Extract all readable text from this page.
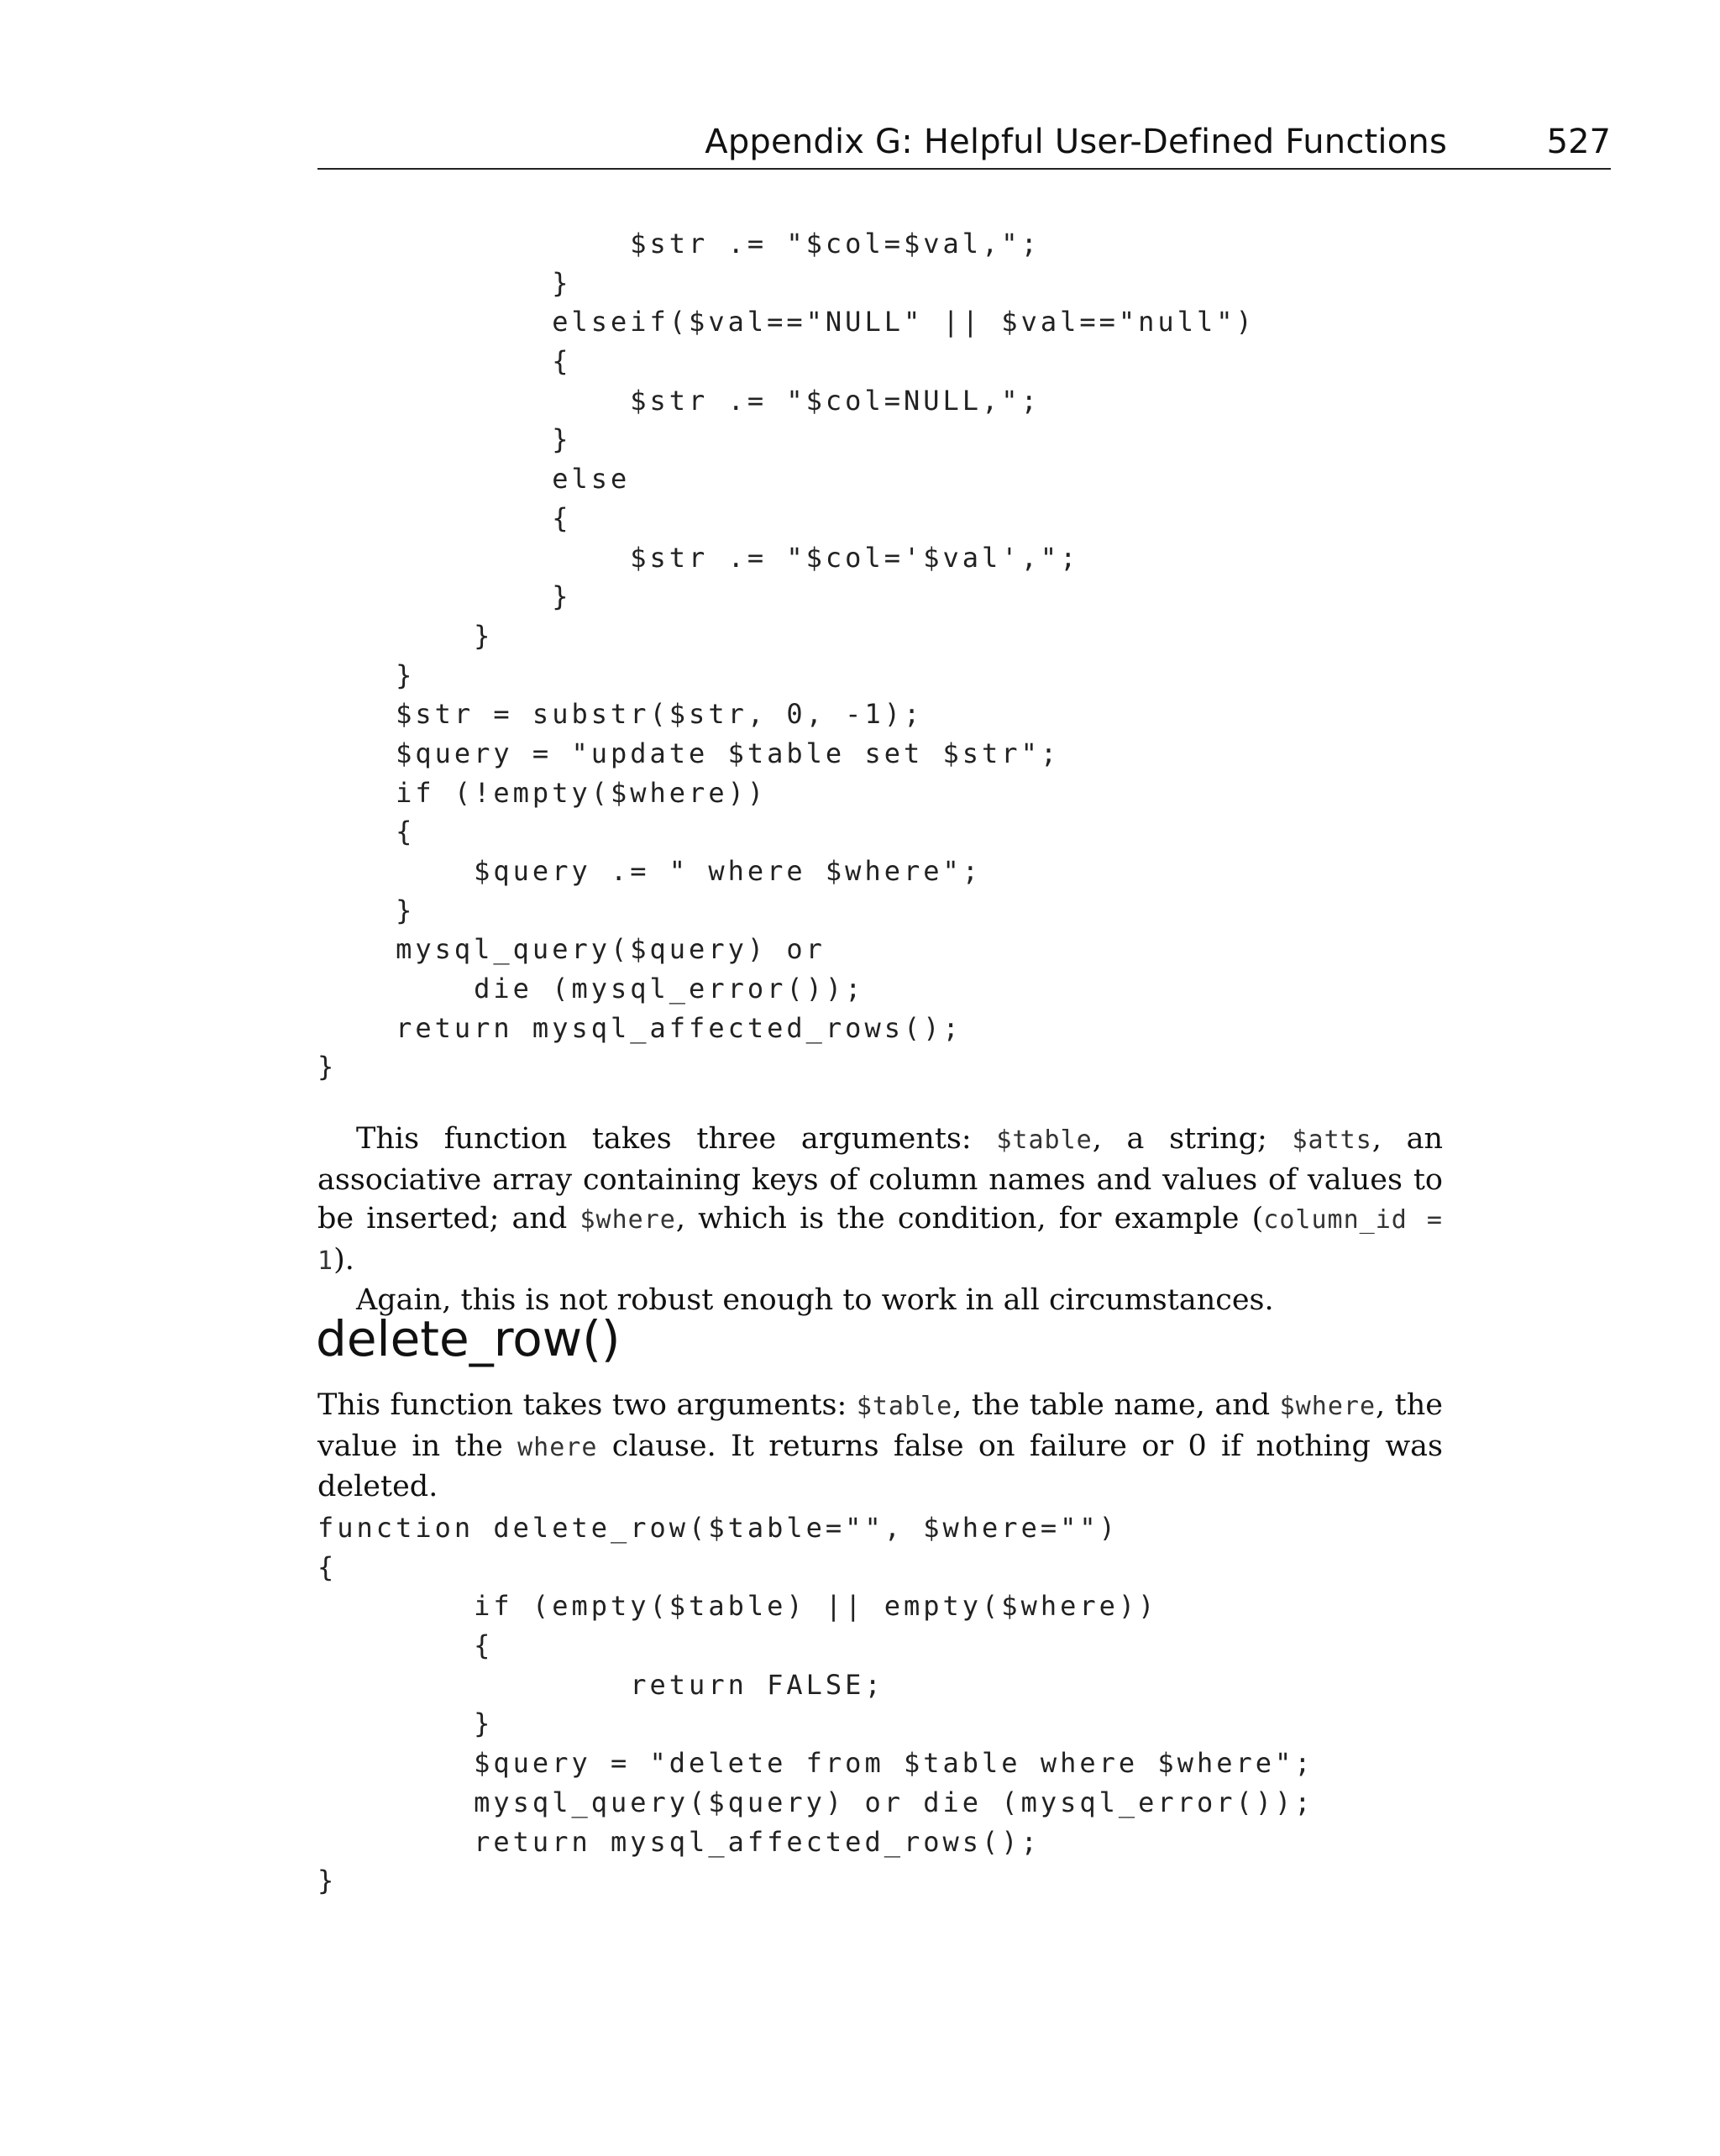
Appendix G: Helpful User-Defined Functions	527
$str .= "$col=$val,";
}
elseif($val=="NULL" || $val=="null")
{
$str .= "$col=NULL,";
}
else
{
$str .= "$col='$val',";
}
}
}
$str = substr($str, 0, -1);
$query = "update $table set $str";
if (!empty($where))
{
$query .= " where $where";
}
mysql_query($query) or
die (mysql_error());
return mysql_affected_rows();
}

This function takes three arguments: $table, a string; $atts, an associative array containing keys of column names and values of values to be inserted; and $where, which is the condition, for example (column_id = 1).

Again, this is not robust enough to work in all circumstances.

delete_row()

This function takes two arguments: $table, the table name, and $where, the value in the where clause. It returns false on failure or 0 if nothing was deleted.

function delete_row($table="", $where="")
{
if (empty($table) || empty($where))
{
return FALSE;
}
$query = "delete from $table where $where";
mysql_query($query) or die (mysql_error());
return mysql_affected_rows();
}
